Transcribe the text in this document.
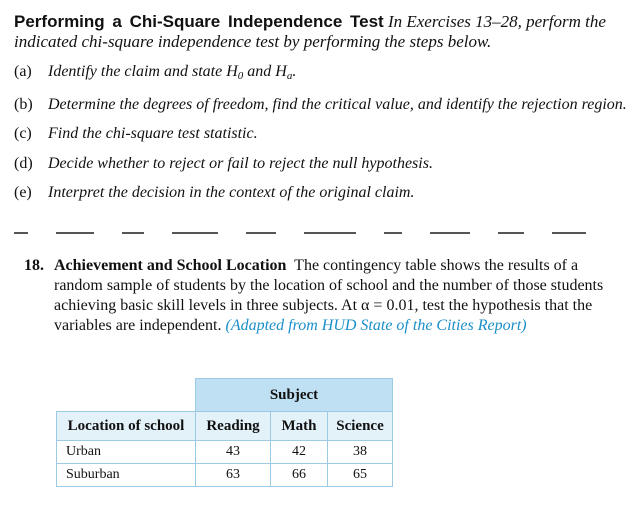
Performing a Chi-Square Independence Test In Exercises 13–28, perform the indicated chi-square independence test by performing the steps below.
(a) Identify the claim and state $H_0$ and $H_a$.
(b) Determine the degrees of freedom, find the critical value, and identify the rejection region.
(c) Find the chi-square test statistic.
(d) Decide whether to reject or fail to reject the null hypothesis.
(e) Interpret the decision in the context of the original claim.
18. Achievement and School Location The contingency table shows the results of a random sample of students by the location of school and the number of those students achieving basic skill levels in three subjects. At α = 0.01, test the hypothesis that the variables are independent. (Adapted from HUD State of the Cities Report)
	Subject		
Location of school	Reading	Math	Science
Urban	43	42	38
Suburban	63	66	65
